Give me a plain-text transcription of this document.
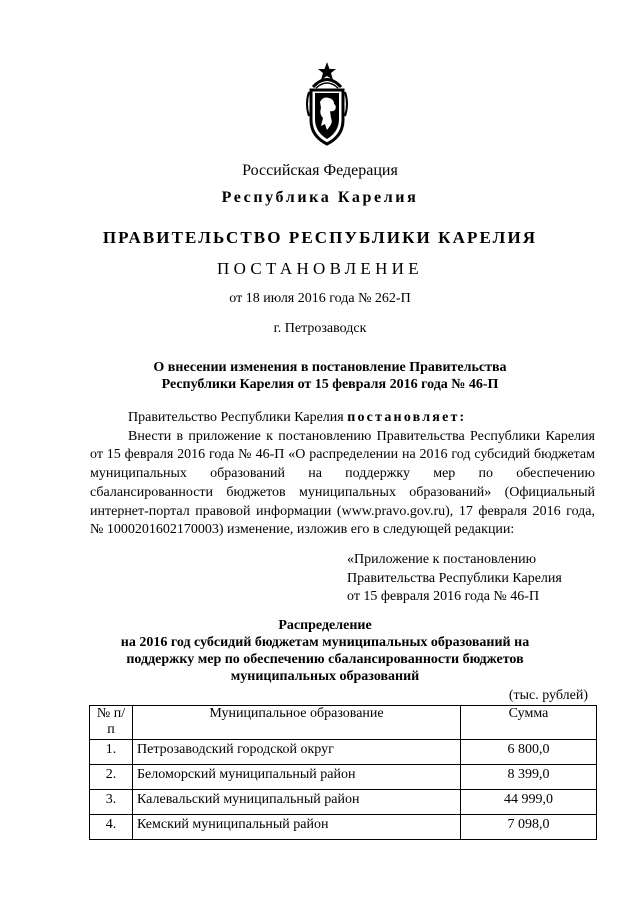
Российская Федерация
Республика Карелия
ПРАВИТЕЛЬСТВО РЕСПУБЛИКИ КАРЕЛИЯ
ПОСТАНОВЛЕНИЕ
от 18 июля 2016 года № 262-П
г. Петрозаводск
О внесении изменения в постановление Правительства
Республики Карелия от 15 февраля 2016 года № 46-П

Правительство Республики Карелия постановляет:

Внести в приложение к постановлению Правительства Республики Карелия от 15 февраля 2016 года № 46-П «О распределении на 2016 год субсидий бюджетам муниципальных образований на поддержку мер по обеспечению сбалансированности бюджетов муниципальных образований» (Официальный интернет-портал правовой информации (www.pravo.gov.ru), 17 февраля 2016 года, № 1000201602170003) изменение, изложив его в следующей редакции:

«Приложение к постановлению
Правительства Республики Карелия
от 15 февраля 2016 года № 46-П
Распределение
на 2016 год субсидий бюджетам муниципальных образований на
поддержку мер по обеспечению сбалансированности бюджетов
муниципальных образований
(тыс. рублей)
№ п/п	Муниципальное образование	Сумма
1.	Петрозаводский городской округ	6 800,0
2.	Беломорский муниципальный район	8 399,0
3.	Калевальский муниципальный район	44 999,0
4.	Кемский муниципальный район	7 098,0
